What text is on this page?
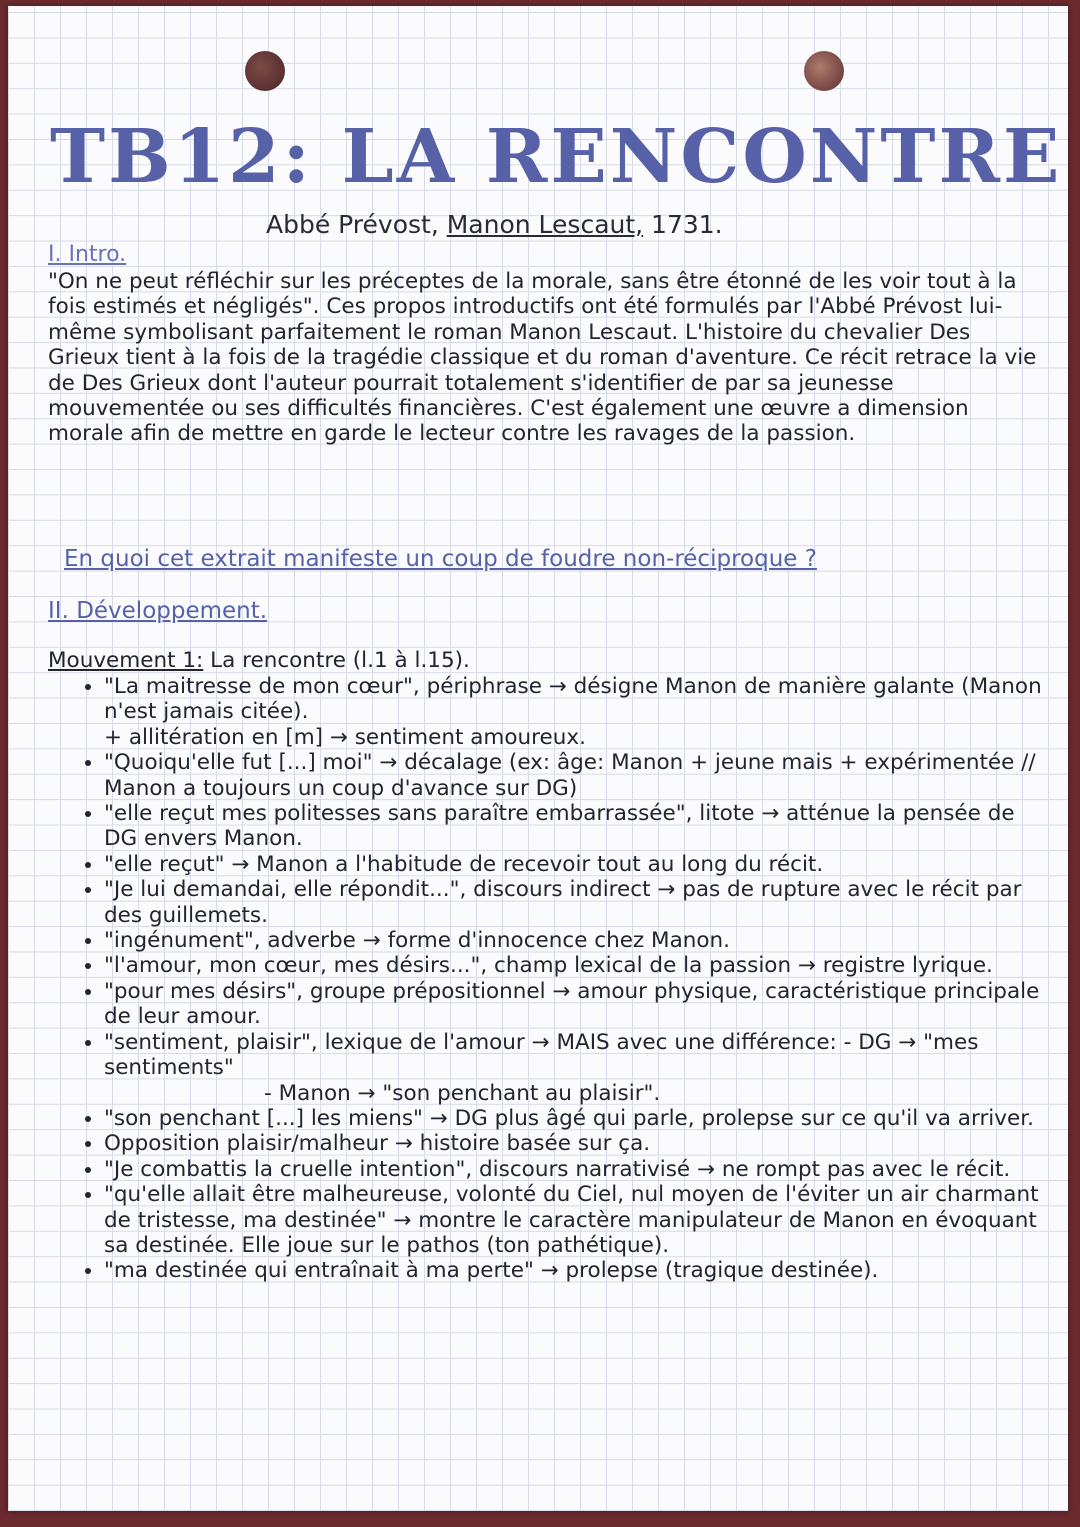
TB12: LA RENCONTRE
Abbé Prévost, Manon Lescaut, 1731.
I. Intro.

"On ne peut réfléchir sur les préceptes de la morale, sans être étonné de les voir tout à la fois estimés et négligés". Ces propos introductifs ont été formulés par l'Abbé Prévost lui-même symbolisant parfaitement le roman Manon Lescaut. L'histoire du chevalier Des Grieux tient à la fois de la tragédie classique et du roman d'aventure. Ce récit retrace la vie de Des Grieux dont l'auteur pourrait totalement s'identifier de par sa jeunesse mouvementée ou ses difficultés financières. C'est également une œuvre a dimension morale afin de mettre en garde le lecteur contre les ravages de la passion.

En quoi cet extrait manifeste un coup de foudre non-réciproque ?
II. Développement.
Mouvement 1: La rencontre (l.1 à l.15).
• "La maitresse de mon cœur", périphrase → désigne Manon de manière galante (Manon n'est jamais citée).
+ allitération en [m] → sentiment amoureux.
• "Quoiqu'elle fut [...] moi" → décalage (ex: âge: Manon + jeune mais + expérimentée // Manon a toujours un coup d'avance sur DG)
• "elle reçut mes politesses sans paraître embarrassée", litote → atténue la pensée de DG envers Manon.
• "elle reçut" → Manon a l'habitude de recevoir tout au long du récit.
• "Je lui demandai, elle répondit...", discours indirect → pas de rupture avec le récit par des guillemets.
• "ingénument", adverbe → forme d'innocence chez Manon.
• "l'amour, mon cœur, mes désirs...", champ lexical de la passion → registre lyrique.
• "pour mes désirs", groupe prépositionnel → amour physique, caractéristique principale de leur amour.
• "sentiment, plaisir", lexique de l'amour → MAIS avec une différence: - DG → "mes sentiments"
- Manon → "son penchant au plaisir".
• "son penchant [...] les miens" → DG plus âgé qui parle, prolepse sur ce qu'il va arriver.
• Opposition plaisir/malheur → histoire basée sur ça.
• "Je combattis la cruelle intention", discours narrativisé → ne rompt pas avec le récit.
• "qu'elle allait être malheureuse, volonté du Ciel, nul moyen de l'éviter un air charmant de tristesse, ma destinée" → montre le caractère manipulateur de Manon en évoquant sa destinée. Elle joue sur le pathos (ton pathétique).
• "ma destinée qui entraînait à ma perte" → prolepse (tragique destinée).
